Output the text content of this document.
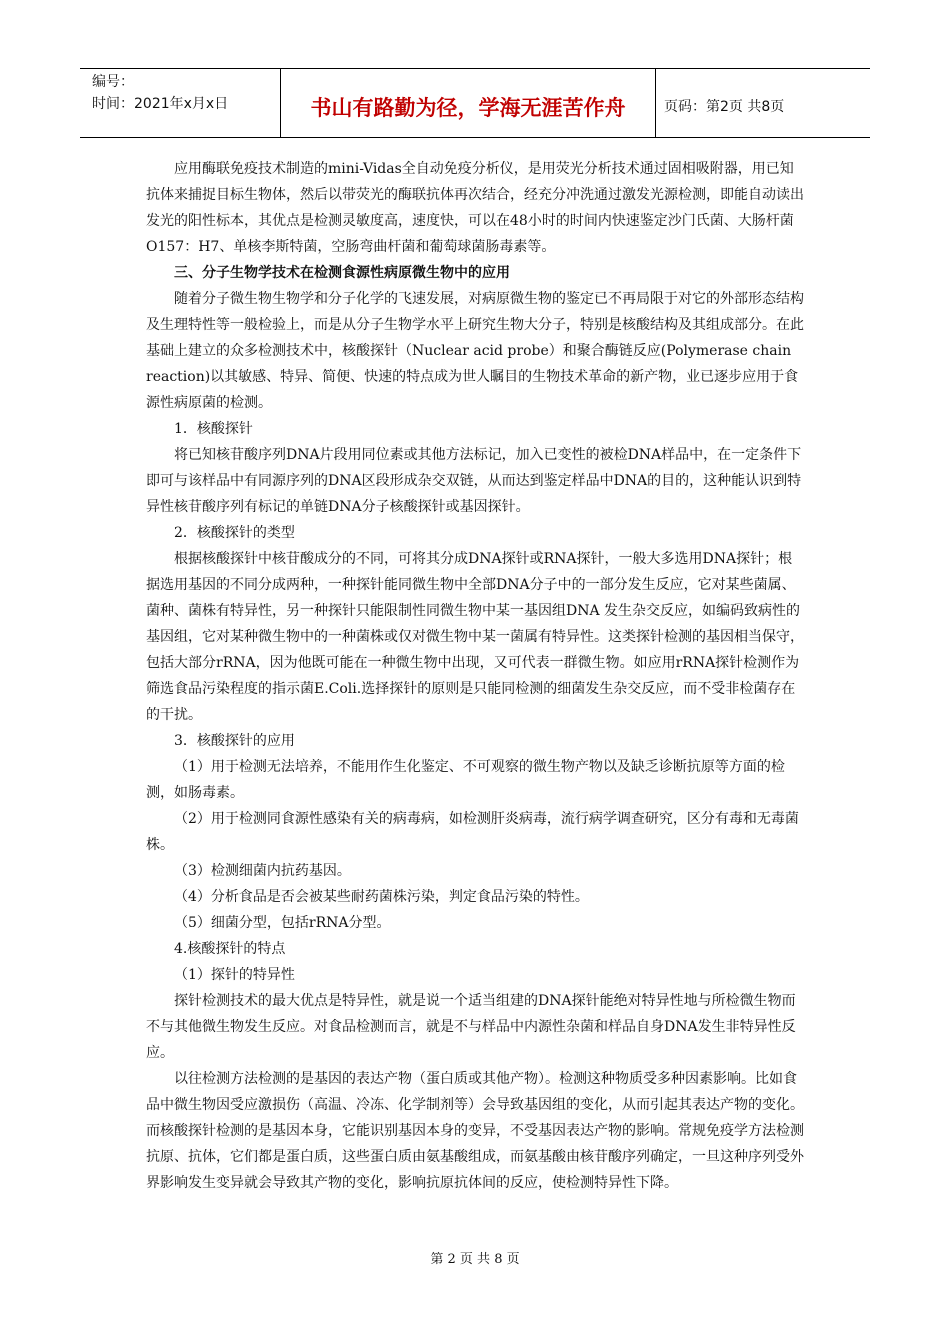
编号：
时间：2021年x月x日	书山有路勤为径，学海无涯苦作舟	页码：第2页 共8页

应用酶联免疫技术制造的mini-Vidas全自动免疫分析仪，是用荧光分析技术通过固相吸附器，用已知抗体来捕捉目标生物体，然后以带荧光的酶联抗体再次结合，经充分冲洗通过激发光源检测，即能自动读出发光的阳性标本，其优点是检测灵敏度高，速度快，可以在48小时的时间内快速鉴定沙门氏菌、大肠杆菌O157：H7、单核李斯特菌，空肠弯曲杆菌和葡萄球菌肠毒素等。

三、分子生物学技术在检测食源性病原微生物中的应用

随着分子微生物生物学和分子化学的飞速发展，对病原微生物的鉴定已不再局限于对它的外部形态结构及生理特性等一般检验上，而是从分子生物学水平上研究生物大分子，特别是核酸结构及其组成部分。在此基础上建立的众多检测技术中，核酸探针（Nuclear acid probe）和聚合酶链反应(Polymerase chain reaction)以其敏感、特异、简便、快速的特点成为世人瞩目的生物技术革命的新产物，业已逐步应用于食源性病原菌的检测。

1．核酸探针

将已知核苷酸序列DNA片段用同位素或其他方法标记，加入已变性的被检DNA样品中，在一定条件下即可与该样品中有同源序列的DNA区段形成杂交双链，从而达到鉴定样品中DNA的目的，这种能认识到特异性核苷酸序列有标记的单链DNA分子核酸探针或基因探针。

2．核酸探针的类型

根据核酸探针中核苷酸成分的不同，可将其分成DNA探针或RNA探针，一般大多选用DNA探针；根据选用基因的不同分成两种，一种探针能同微生物中全部DNA分子中的一部分发生反应，它对某些菌属、菌种、菌株有特异性，另一种探针只能限制性同微生物中某一基因组DNA 发生杂交反应，如编码致病性的基因组，它对某种微生物中的一种菌株或仅对微生物中某一菌属有特异性。这类探针检测的基因相当保守，包括大部分rRNA，因为他既可能在一种微生物中出现，又可代表一群微生物。如应用rRNA探针检测作为筛选食品污染程度的指示菌E.Coli.选择探针的原则是只能同检测的细菌发生杂交反应，而不受非检菌存在的干扰。

3．核酸探针的应用

（1）用于检测无法培养，不能用作生化鉴定、不可观察的微生物产物以及缺乏诊断抗原等方面的检测，如肠毒素。

（2）用于检测同食源性感染有关的病毒病，如检测肝炎病毒，流行病学调查研究，区分有毒和无毒菌株。

（3）检测细菌内抗药基因。

（4）分析食品是否会被某些耐药菌株污染，判定食品污染的特性。

（5）细菌分型，包括rRNA分型。

4.核酸探针的特点

（1）探针的特异性

探针检测技术的最大优点是特异性，就是说一个适当组建的DNA探针能绝对特异性地与所检微生物而不与其他微生物发生反应。对食品检测而言，就是不与样品中内源性杂菌和样品自身DNA发生非特异性反应。

以往检测方法检测的是基因的表达产物（蛋白质或其他产物）。检测这种物质受多种因素影响。比如食品中微生物因受应激损伤（高温、冷冻、化学制剂等）会导致基因组的变化，从而引起其表达产物的变化。而核酸探针检测的是基因本身，它能识别基因本身的变异，不受基因表达产物的影响。常规免疫学方法检测抗原、抗体，它们都是蛋白质，这些蛋白质由氨基酸组成，而氨基酸由核苷酸序列确定，一旦这种序列受外界影响发生变异就会导致其产物的变化，影响抗原抗体间的反应，使检测特异性下降。

第 2 页 共 8 页
